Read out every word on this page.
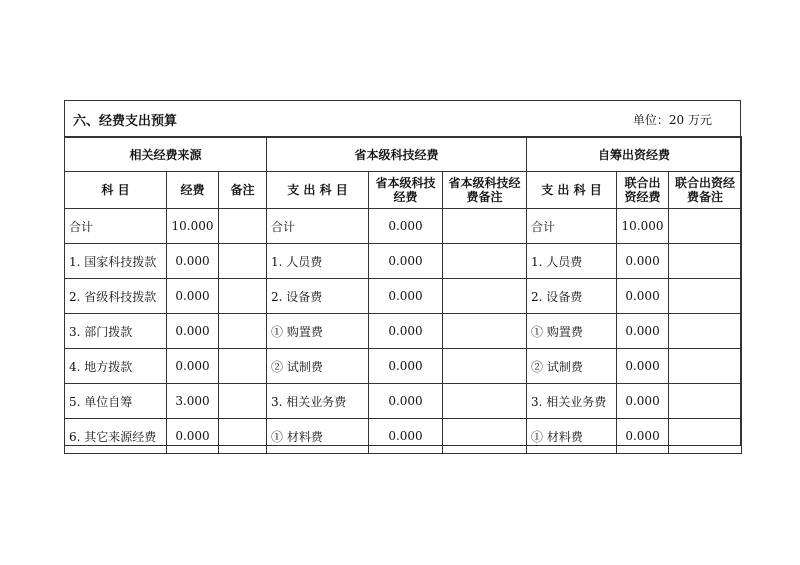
六、经费支出预算	单位：20 万元
相关经费来源			省本级科技经费			自筹出资经费		
科 目	经费	备注	支 出 科 目	省本级科技经费	省本级科技经费备注	支 出 科 目	联合出资经费	联合出资经费备注
合计	10.000		合计	0.000		合计	10.000	
1. 国家科技拨款	0.000		1. 人员费	0.000		1. 人员费	0.000	
2. 省级科技拨款	0.000		2. 设备费	0.000		2. 设备费	0.000	
3. 部门拨款	0.000		① 购置费	0.000		① 购置费	0.000	
4. 地方拨款	0.000		② 试制费	0.000		② 试制费	0.000	
5. 单位自筹	3.000		3. 相关业务费	0.000		3. 相关业务费	0.000	
6. 其它来源经费	0.000		① 材料费	0.000		① 材料费	0.000	
